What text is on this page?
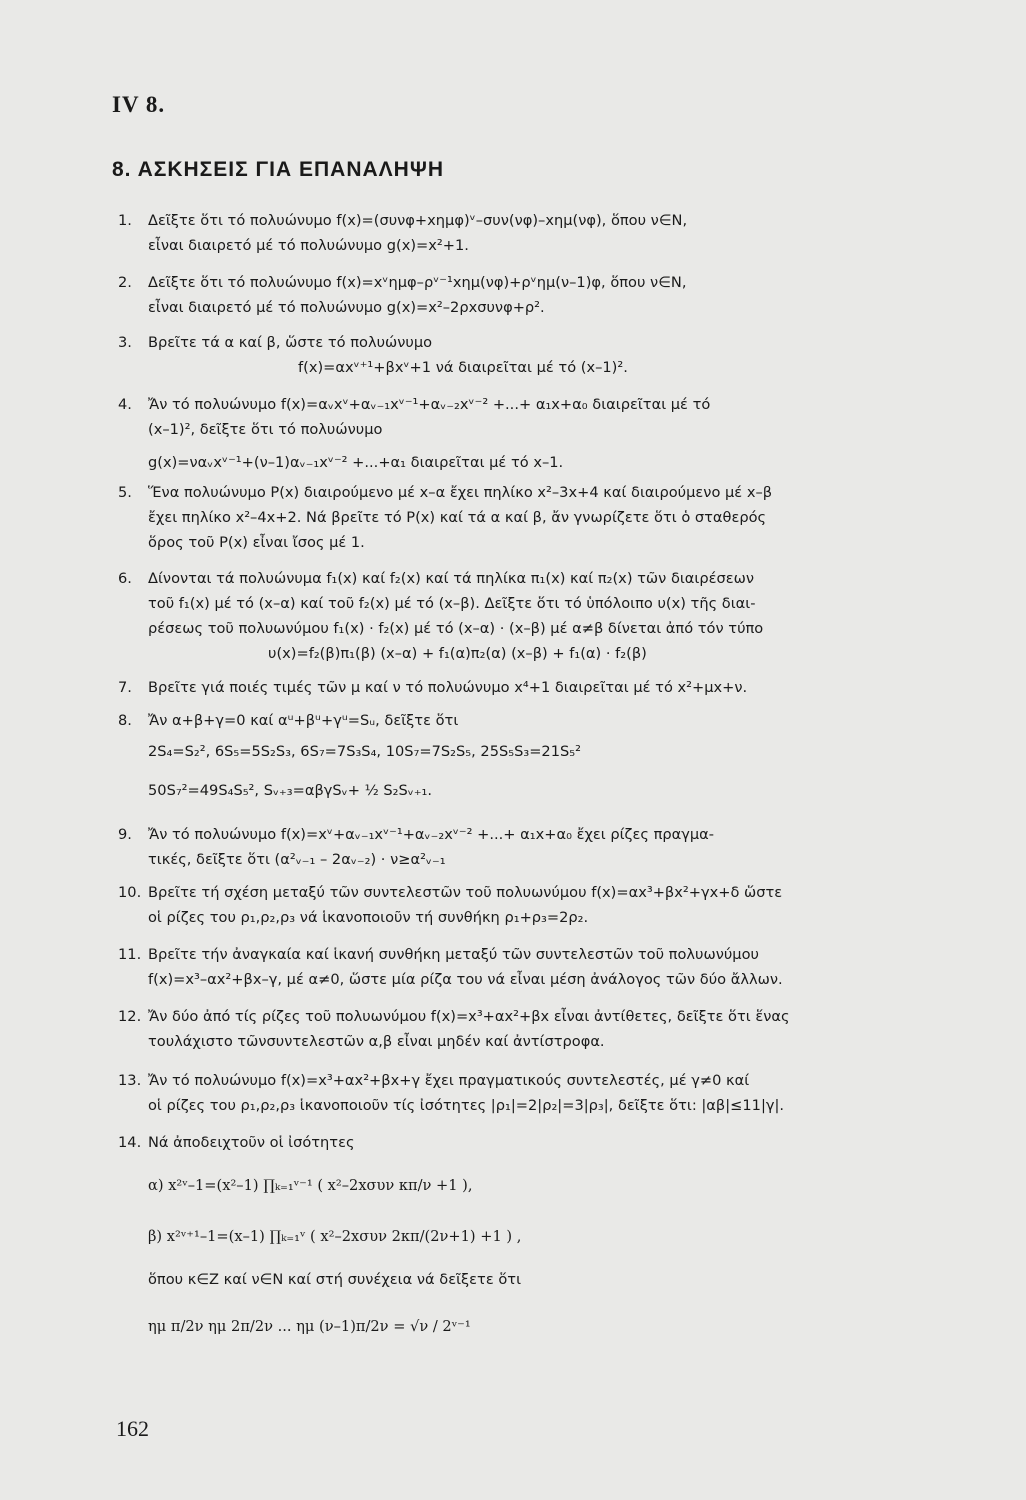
IV 8.
8. ΑΣΚΗΣΕΙΣ ΓΙΑ ΕΠΑΝΑΛΗΨΗ
1. Δεῖξτε ὅτι τό πολυώνυμο f(x)=(συνφ+xημφ)ᵛ–συν(νφ)–xημ(νφ), ὅπου ν∈N,
εἶναι διαιρετό μέ τό πολυώνυμο g(x)=x²+1.
2. Δεῖξτε ὅτι τό πολυώνυμο f(x)=xᵛημφ–ρᵛ⁻¹xημ(νφ)+ρᵛημ(ν–1)φ, ὅπου ν∈N,
εἶναι διαιρετό μέ τό πολυώνυμο g(x)=x²–2ρxσυνφ+ρ².
3. Βρεῖτε τά α καί β, ὥστε τό πολυώνυμο
f(x)=αxᵛ⁺¹+βxᵛ+1 νά διαιρεῖται μέ τό (x–1)².
4. Ἄν τό πολυώνυμο f(x)=αᵥxᵛ+αᵥ₋₁xᵛ⁻¹+αᵥ₋₂xᵛ⁻² +...+ α₁x+α₀ διαιρεῖται μέ τό
(x–1)², δεῖξτε ὅτι τό πολυώνυμο
g(x)=ναᵥxᵛ⁻¹+(ν–1)αᵥ₋₁xᵛ⁻² +...+α₁ διαιρεῖται μέ τό x–1.
5. Ἕνα πολυώνυμο P(x) διαιρούμενο μέ x–α ἔχει πηλίκο x²–3x+4 καί διαιρούμενο μέ x–β
ἔχει πηλίκο x²–4x+2. Νά βρεῖτε τό P(x) καί τά α καί β, ἄν γνωρίζετε ὅτι ὁ σταθερός
ὅρος τοῦ P(x) εἶναι ἴσος μέ 1.
6. Δίνονται τά πολυώνυμα f₁(x) καί f₂(x) καί τά πηλίκα π₁(x) καί π₂(x) τῶν διαιρέσεων
τοῦ f₁(x) μέ τό (x–α) καί τοῦ f₂(x) μέ τό (x–β). Δεῖξτε ὅτι τό ὑπόλοιπο υ(x) τῆς διαι-
ρέσεως τοῦ πολυωνύμου f₁(x) · f₂(x) μέ τό (x–α) · (x–β) μέ α≠β δίνεται ἀπό τόν τύπο
υ(x)=f₂(β)π₁(β) (x–α) + f₁(α)π₂(α) (x–β) + f₁(α) · f₂(β)
7. Βρεῖτε γιά ποιές τιμές τῶν μ καί ν τό πολυώνυμο x⁴+1 διαιρεῖται μέ τό x²+μx+ν.
8. Ἄν α+β+γ=0 καί αᵘ+βᵘ+γᵘ=Sᵤ, δεῖξτε ὅτι
2S₄=S₂², 6S₅=5S₂S₃, 6S₇=7S₃S₄, 10S₇=7S₂S₅, 25S₅S₃=21S₅²
50S₇²=49S₄S₅², Sᵥ₊₃=αβγSᵥ+ ½ S₂Sᵥ₊₁.
9. Ἄν τό πολυώνυμο f(x)=xᵛ+αᵥ₋₁xᵛ⁻¹+αᵥ₋₂xᵛ⁻² +...+ α₁x+α₀ ἔχει ρίζες πραγμα-
τικές, δεῖξτε ὅτι (α²ᵥ₋₁ – 2αᵥ₋₂) · ν≥α²ᵥ₋₁
10. Βρεῖτε τή σχέση μεταξύ τῶν συντελεστῶν τοῦ πολυωνύμου f(x)=αx³+βx²+γx+δ ὥστε
οἱ ρίζες του ρ₁,ρ₂,ρ₃ νά ἱκανοποιοῦν τή συνθήκη ρ₁+ρ₃=2ρ₂.
11. Βρεῖτε τήν ἀναγκαία καί ἱκανή συνθήκη μεταξύ τῶν συντελεστῶν τοῦ πολυωνύμου
f(x)=x³–αx²+βx–γ, μέ α≠0, ὥστε μία ρίζα του νά εἶναι μέση ἀνάλογος τῶν δύο ἄλλων.
12. Ἄν δύο ἀπό τίς ρίζες τοῦ πολυωνύμου f(x)=x³+αx²+βx εἶναι ἀντίθετες, δεῖξτε ὅτι ἕνας
τουλάχιστο τῶνσυντελεστῶν α,β εἶναι μηδέν καί ἀντίστροφα.
13. Ἄν τό πολυώνυμο f(x)=x³+αx²+βx+γ ἔχει πραγματικούς συντελεστές, μέ γ≠0 καί
οἱ ρίζες του ρ₁,ρ₂,ρ₃ ἱκανοποιοῦν τίς ἰσότητες |ρ₁|=2|ρ₂|=3|ρ₃|, δεῖξτε ὅτι: |αβ|≤11|γ|.
14. Νά ἀποδειχτοῦν οἱ ἰσότητες
α) x²ᵛ–1=(x²–1) ∏ₖ₌₁ᵛ⁻¹ ( x²–2xσυν κπ/ν +1 ),
β) x²ᵛ⁺¹–1=(x–1) ∏ₖ₌₁ᵛ ( x²–2xσυν 2κπ/(2ν+1) +1 ) ,
ὅπου κ∈Z καί ν∈N καί στή συνέχεια νά δεῖξετε ὅτι
ημ π/2ν ημ 2π/2ν ... ημ (ν–1)π/2ν = √ν / 2ᵛ⁻¹
162
